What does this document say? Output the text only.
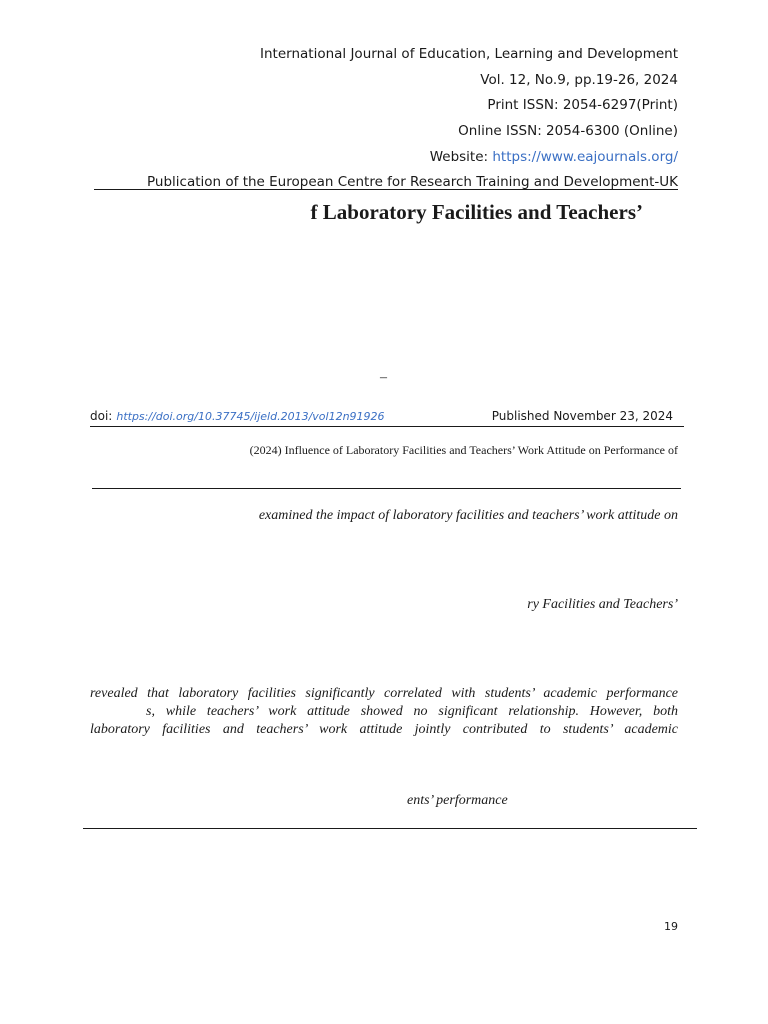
International Journal of Education, Learning and Development
Vol. 12, No.9, pp.19-26, 2024
Print ISSN: 2054-6297(Print)
Online ISSN: 2054-6300 (Online)
Website: https://www.eajournals.org/
Publication of the European Centre for Research Training and Development-UK
f Laboratory Facilities and Teachers’
–
doi: https://doi.org/10.37745/ijeld.2013/vol12n91926	Published November 23, 2024
(2024) Influence of Laboratory Facilities and Teachers’ Work Attitude on Performance of
examined the impact of laboratory facilities and teachers’ work attitude on
ry Facilities and Teachers’
revealed that laboratory facilities significantly correlated with students’ academic performance
s, while teachers’ work attitude showed no significant relationship. However, both
laboratory facilities and teachers’ work attitude jointly contributed to students’ academic
ents’ performance
19
